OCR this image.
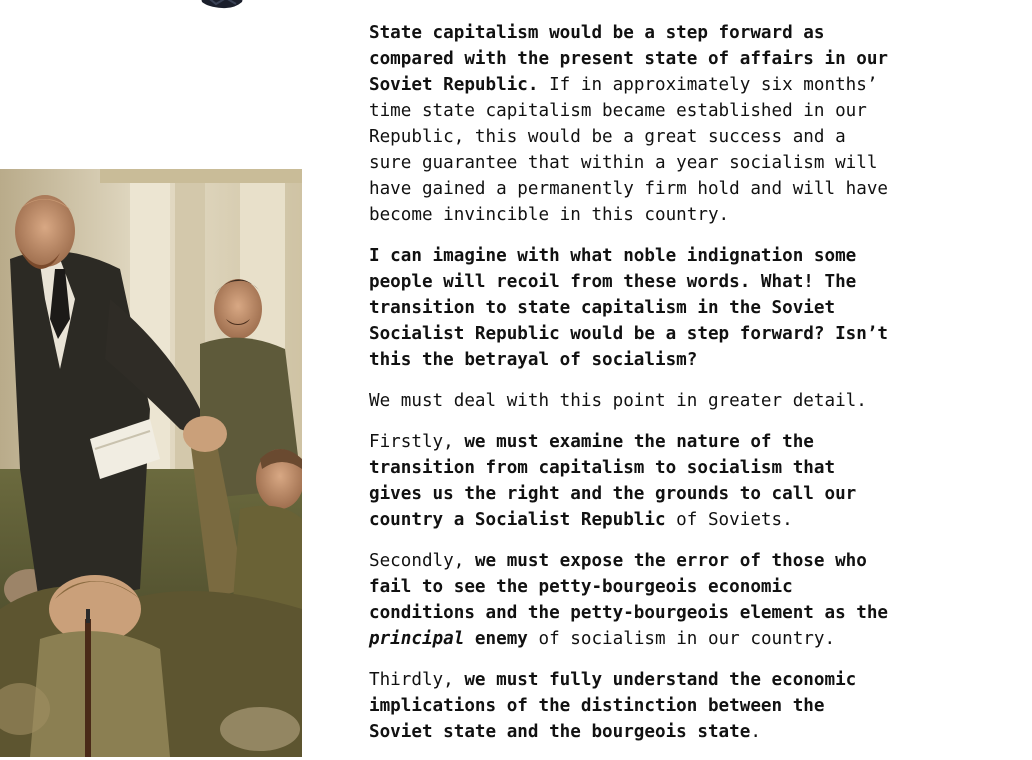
State capitalism would be a step forward as
compared with the present state of affairs in our
Soviet Republic. If in approximately six months’
time state capitalism became established in our
Republic, this would be a great success and a
sure guarantee that within a year socialism will
have gained a permanently firm hold and will have
become invincible in this country.

I can imagine with what noble indignation some
people will recoil from these words. What! The
transition to state capitalism in the Soviet
Socialist Republic would be a step forward? Isn’t
this the betrayal of socialism?

We must deal with this point in greater detail.

Firstly, we must examine the nature of the
transition from capitalism to socialism that
gives us the right and the grounds to call our
country a Socialist Republic of Soviets.

Secondly, we must expose the error of those who
fail to see the petty-bourgeois economic
conditions and the petty-bourgeois element as the
principal enemy of socialism in our country.

Thirdly, we must fully understand the economic
implications of the distinction between the
Soviet state and the bourgeois state.
